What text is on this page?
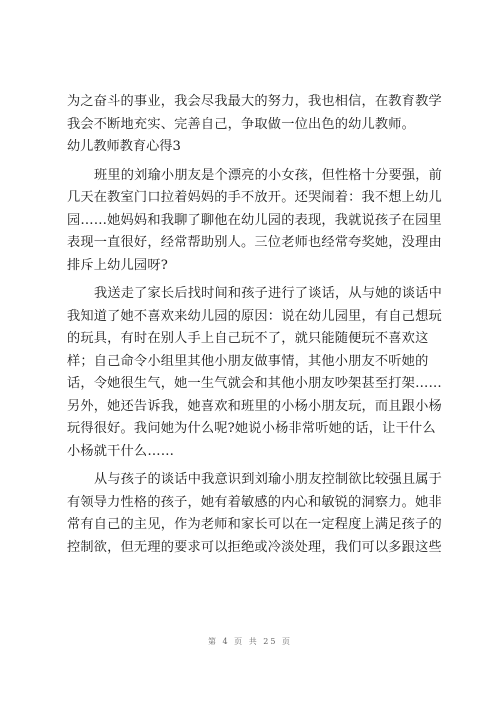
为之奋斗的事业，我会尽我最大的努力，我也相信，在教育教学
我会不断地充实、完善自己，争取做一位出色的幼儿教师。
幼儿教师教育心得3
班里的刘瑜小朋友是个漂亮的小女孩，但性格十分要强，前
几天在教室门口拉着妈妈的手不放开。还哭闹着：我不想上幼儿
园……她妈妈和我聊了聊他在幼儿园的表现，我就说孩子在园里
表现一直很好，经常帮助别人。三位老师也经常夸奖她，没理由
排斥上幼儿园呀?
我送走了家长后找时间和孩子进行了谈话，从与她的谈话中
我知道了她不喜欢来幼儿园的原因：说在幼儿园里，有自己想玩
的玩具，有时在别人手上自己玩不了，就只能随便玩不喜欢这
样；自己命令小组里其他小朋友做事情，其他小朋友不听她的
话，令她很生气，她一生气就会和其他小朋友吵架甚至打架……
另外，她还告诉我，她喜欢和班里的小杨小朋友玩，而且跟小杨
玩得很好。我问她为什么呢?她说小杨非常听她的话，让干什么
小杨就干什么……
从与孩子的谈话中我意识到刘瑜小朋友控制欲比较强且属于
有领导力性格的孩子，她有着敏感的内心和敏锐的洞察力。她非
常有自己的主见，作为老师和家长可以在一定程度上满足孩子的
控制欲，但无理的要求可以拒绝或冷淡处理，我们可以多跟这些
第 4 页 共 25 页
